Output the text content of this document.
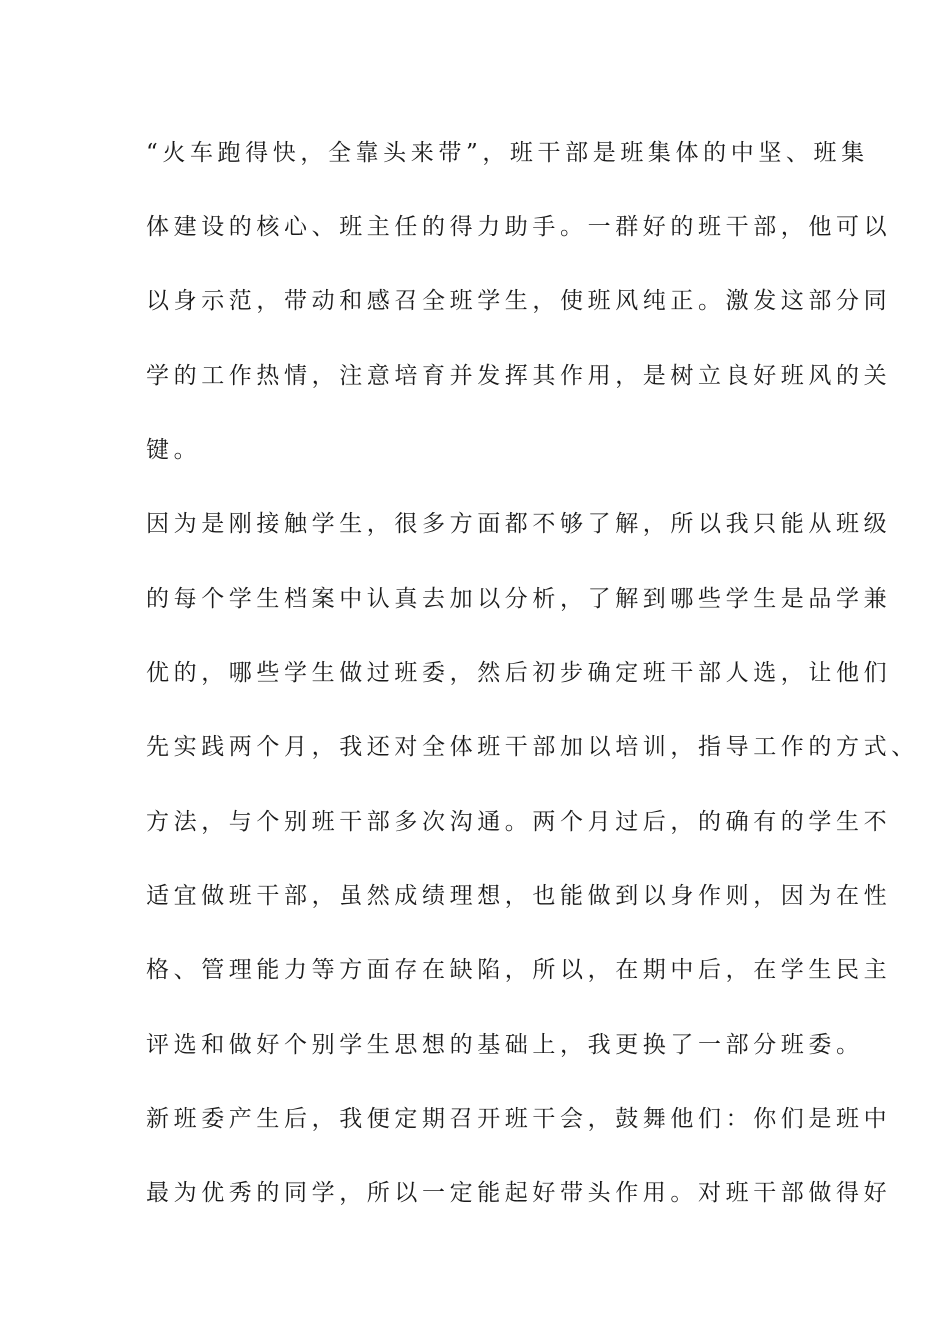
“火车跑得快，全靠头来带”，班干部是班集体的中坚、班集
体建设的核心、班主任的得力助手。一群好的班干部，他可以
以身示范，带动和感召全班学生，使班风纯正。激发这部分同
学的工作热情，注意培育并发挥其作用，是树立良好班风的关
键。
因为是刚接触学生，很多方面都不够了解，所以我只能从班级
的每个学生档案中认真去加以分析，了解到哪些学生是品学兼
优的，哪些学生做过班委，然后初步确定班干部人选，让他们
先实践两个月，我还对全体班干部加以培训，指导工作的方式、
方法，与个别班干部多次沟通。两个月过后，的确有的学生不
适宜做班干部，虽然成绩理想，也能做到以身作则，因为在性
格、管理能力等方面存在缺陷，所以，在期中后，在学生民主
评选和做好个别学生思想的基础上，我更换了一部分班委。
新班委产生后，我便定期召开班干会，鼓舞他们：你们是班中
最为优秀的同学，所以一定能起好带头作用。对班干部做得好
